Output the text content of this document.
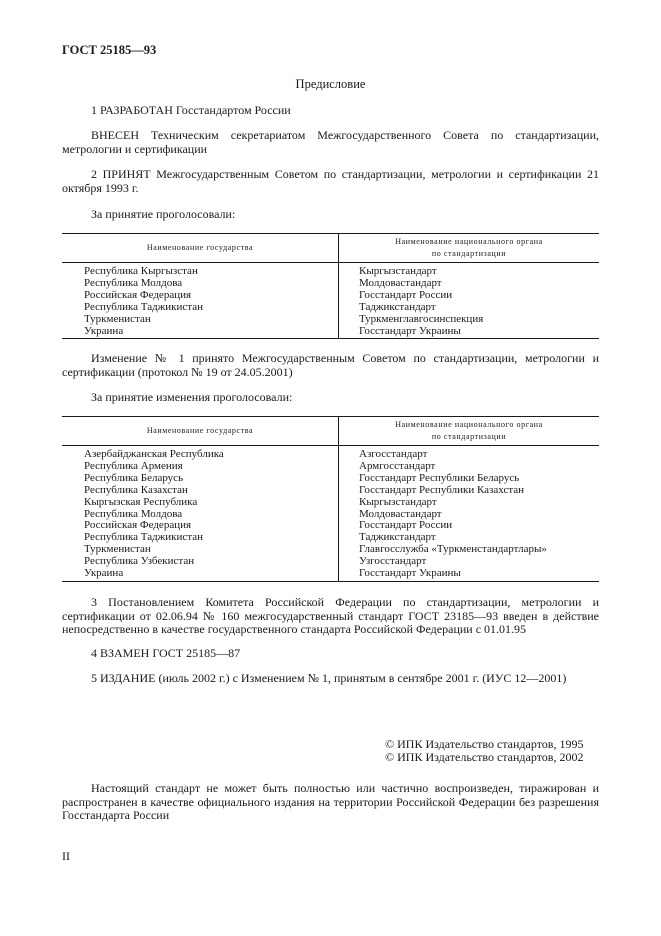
ГОСТ 25185—93
Предисловие
1 РАЗРАБОТАН Госстандартом России
ВНЕСЕН Техническим секретариатом Межгосударственного Совета по стандартизации, метрологии и сертификации
2 ПРИНЯТ Межгосударственным Советом по стандартизации, метрологии и сертификации 21 октября 1993 г.
За принятие проголосовали:
Наименование государства	Наименование национального органа
по стандартизации
Республика Кыргызстан	Кыргызстандарт
Республика Молдова	Молдовастандарт
Российская Федерация	Госстандарт России
Республика Таджикистан	Таджикстандарт
Туркменистан	Туркменглавгосинспекция
Украина	Госстандарт Украины
Изменение № 1 принято Межгосударственным Советом по стандартизации, метрологии и сертификации (протокол № 19 от 24.05.2001)
За принятие изменения проголосовали:
Наименование государства	Наименование национального органа
по стандартизации
Азербайджанская Республика	Азгосстандарт
Республика Армения	Армгосстандарт
Республика Беларусь	Госстандарт Республики Беларусь
Республика Казахстан	Госстандарт Республики Казахстан
Кыргызская Республика	Кыргызстандарт
Республика Молдова	Молдовастандарт
Российская Федерация	Госстандарт России
Республика Таджикистан	Таджикстандарт
Туркменистан	Главгосслужба «Туркменстандартлары»
Республика Узбекистан	Узгосстандарт
Украина	Госстандарт Украины
3 Постановлением Комитета Российской Федерации по стандартизации, метрологии и сертификации от 02.06.94 № 160 межгосударственный стандарт ГОСТ 23185—93 введен в действие непосредственно в качестве государственного стандарта Российской Федерации с 01.01.95
4 ВЗАМЕН ГОСТ 25185—87
5 ИЗДАНИЕ (июль 2002 г.) с Изменением № 1, принятым в сентябре 2001 г. (ИУС 12—2001)
© ИПК Издательство стандартов, 1995
© ИПК Издательство стандартов, 2002
Настоящий стандарт не может быть полностью или частично воспроизведен, тиражирован и распространен в качестве официального издания на территории Российской Федерации без разрешения Госстандарта России
II
